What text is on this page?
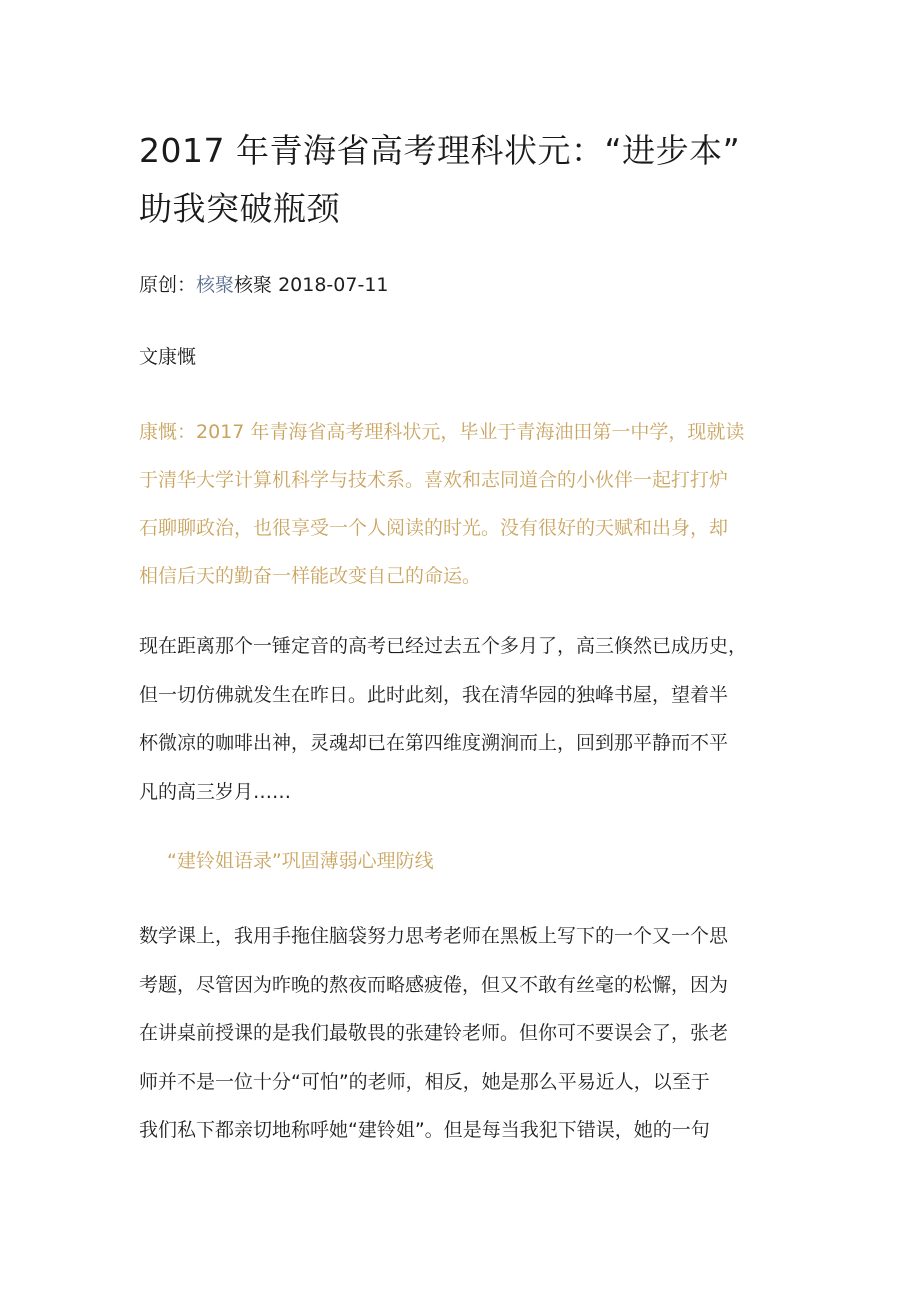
2017 年青海省高考理科状元：“进步本”
助我突破瓶颈
原创：核聚核聚 2018-07-11
文康慨

康慨：2017 年青海省高考理科状元，毕业于青海油田第一中学，现就读
于清华大学计算机科学与技术系。喜欢和志同道合的小伙伴一起打打炉
石聊聊政治，也很享受一个人阅读的时光。没有很好的天赋和出身，却
相信后天的勤奋一样能改变自己的命运。

现在距离那个一锤定音的高考已经过去五个多月了，高三倏然已成历史，
但一切仿佛就发生在昨日。此时此刻，我在清华园的独峰书屋，望着半
杯微凉的咖啡出神，灵魂却已在第四维度溯涧而上，回到那平静而不平
凡的高三岁月……

“建铃姐语录”巩固薄弱心理防线

数学课上，我用手拖住脑袋努力思考老师在黑板上写下的一个又一个思
考题，尽管因为昨晚的熬夜而略感疲倦，但又不敢有丝毫的松懈，因为
在讲桌前授课的是我们最敬畏的张建铃老师。但你可不要误会了，张老
师并不是一位十分“可怕”的老师，相反，她是那么平易近人，以至于
我们私下都亲切地称呼她“建铃姐”。但是每当我犯下错误，她的一句
